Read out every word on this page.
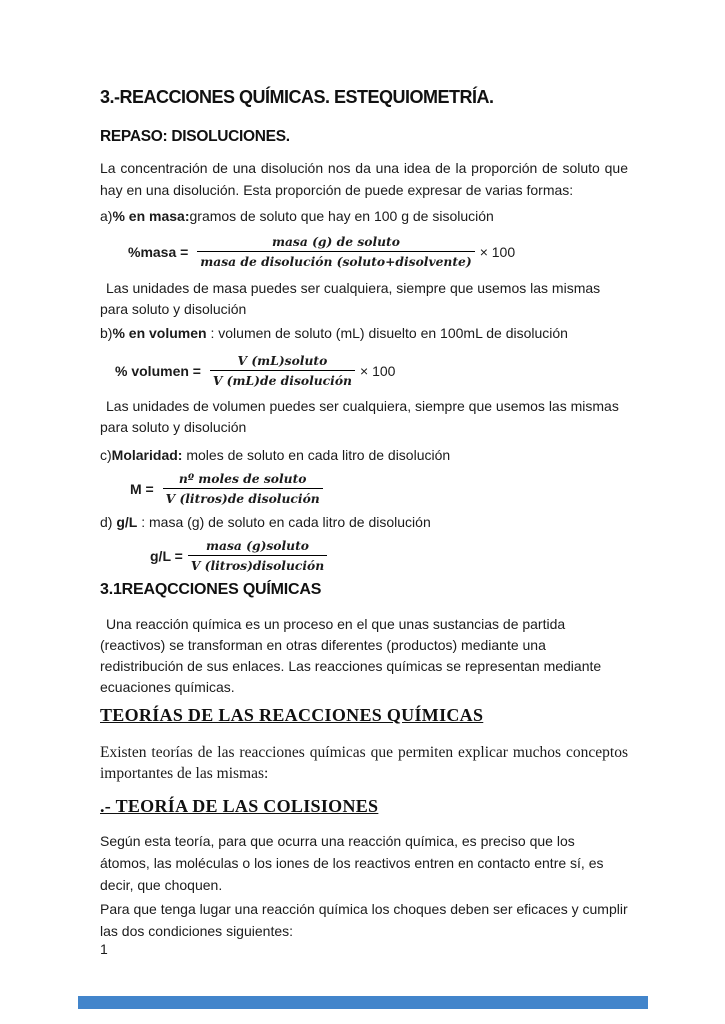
3.-REACCIONES QUÍMICAS. ESTEQUIOMETRÍA.
REPASO: DISOLUCIONES.

La concentración de una disolución nos da una idea de la proporción de soluto que hay en una disolución. Esta proporción de puede expresar de varias formas:

a)% en masa:gramos de soluto que hay en 100 g de sisolución

%masa = $\frac{\text{masa (g) de soluto}}{\text{masa de disolución (soluto+disolvente)}} \times 100$

Las unidades de masa puedes ser cualquiera, siempre que usemos las mismas para soluto y disolución

b)% en volumen : volumen de soluto (mL) disuelto en 100mL de disolución

% volumen = $\frac{\text{V (mL)soluto}}{\text{V (mL)de disolución}} \times 100$

Las unidades de volumen puedes ser cualquiera, siempre que usemos las mismas para soluto y disolución

c)Molaridad: moles de soluto en cada litro de disolución

$M = \frac{\text{nº moles de soluto}}{\text{V (litros)de disolución}}$

d) g/L : masa (g) de soluto en cada litro de disolución

$g/L = \frac{\text{masa (g)soluto}}{\text{V (litros)disolución}}$
3.1REAQCCIONES QUÍMICAS

Una reacción química es un proceso en el que unas sustancias de partida (reactivos) se transforman en otras diferentes (productos) mediante una redistribución de sus enlaces. Las reacciones químicas se representan mediante ecuaciones químicas.

TEORÍAS DE LAS REACCIONES QUÍMICAS

Existen teorías de las reacciones químicas que permiten explicar muchos conceptos importantes de las mismas:

.- TEORÍA DE LAS COLISIONES

Según esta teoría, para que ocurra una reacción química, es preciso que los átomos, las moléculas o los iones de los reactivos entren en contacto entre sí, es decir, que choquen.

Para que tenga lugar una reacción química los choques deben ser eficaces y cumplir las dos condiciones siguientes:

1
